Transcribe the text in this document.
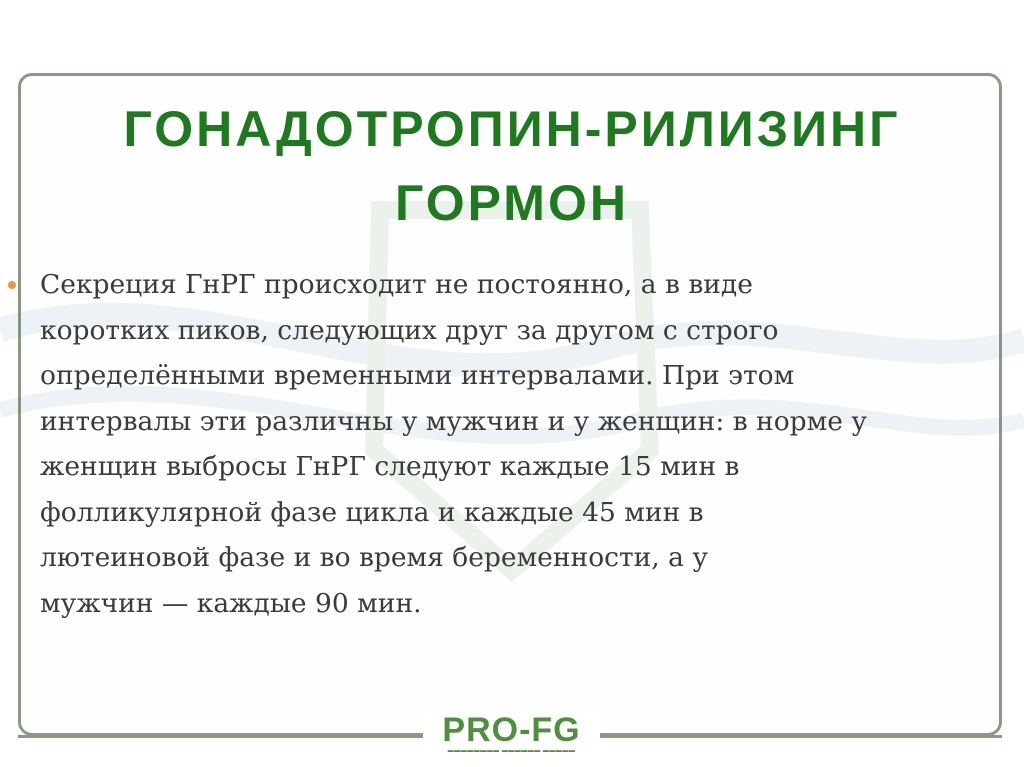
ГОНАДОТРОПИН-РИЛИЗИНГ
ГОРМОН

Секреция ГнРГ происходит не постоянно, а в виде
коротких пиков, следующих друг за другом с строго
определёнными временными интервалами. При этом
интервалы эти различны у мужчин и у женщин: в норме у
женщин выбросы ГнРГ следуют каждые 15 мин в
фолликулярной фазе цикла и каждые 45 мин в
лютеиновой фазе и во время беременности, а у
мужчин — каждые 90 мин.

PRO-FG
▬▬▬▬▬▬▬▬ ▬▬▬▬▬▬ ▬▬▬▬▬
